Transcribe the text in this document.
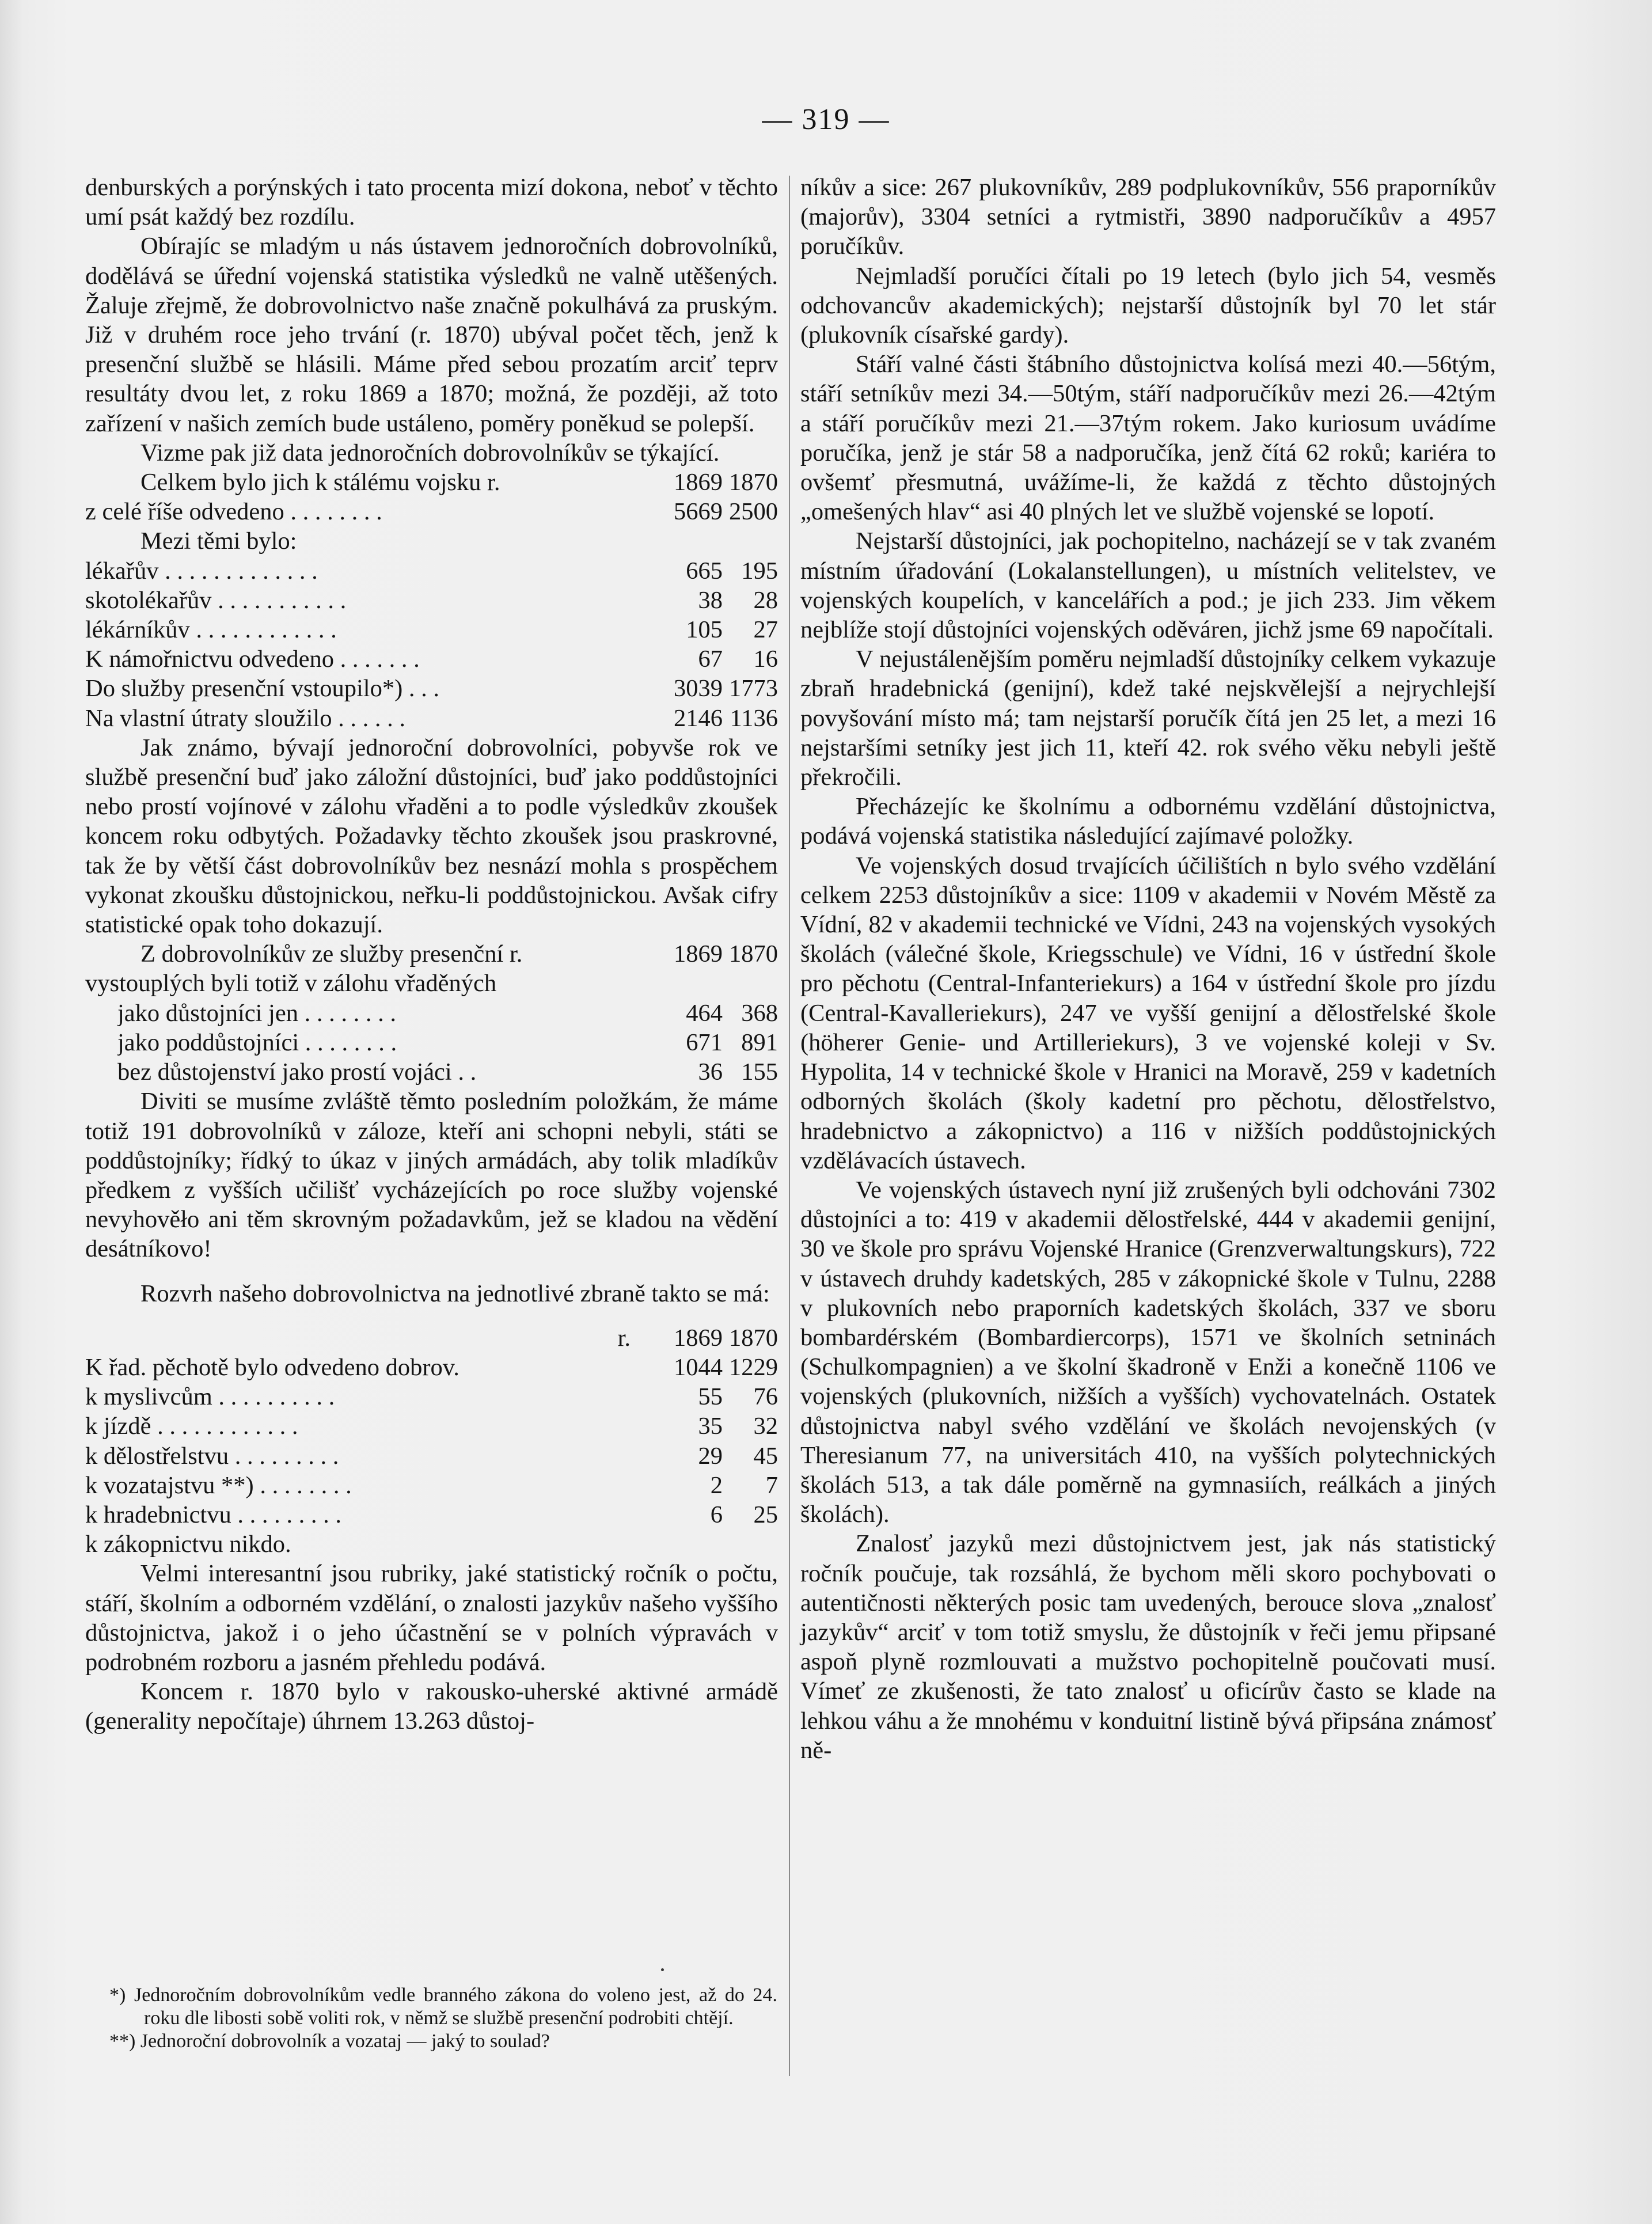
— 319 —

denburských a porýnských i tato procenta mizí dokona, neboť v těchto umí psát každý bez rozdílu.

Obírajíc se mladým u nás ústavem jednoročních dobrovolníků, dodělává se úřední vojenská statistika výsledků ne valně utěšených. Žaluje zřejmě, že dobrovolnictvo naše značně pokulhává za pruským. Již v druhém roce jeho trvání (r. 1870) ubýval počet těch, jenž k presenční službě se hlásili. Máme před sebou prozatím arciť teprv resultáty dvou let, z roku 1869 a 1870; možná, že později, až toto zařízení v našich zemích bude ustáleno, poměry poněkud se polepší.

Vizme pak již data jednoročních dobrovolníkův se týkající.

Celkem bylo jich k stálému vojsku r.	1869 1870
z celé říše odvedeno . . . . . . . .	5669 2500

Mezi těmi bylo:

lékařův . . . . . . . . . . . . .	665 195
skotolékařův . . . . . . . . . . .	38	28
lékárníkův . . . . . . . . . . . .	105	27
K námořnictvu odvedeno . . . . . . .	67	16
Do služby presenční vstoupilo*) . . .	3039 1773
Na vlastní útraty sloužilo . . . . . .	2146 1136

Jak známo, bývají jednoroční dobrovolníci, pobyvše rok ve službě presenční buď jako záložní důstojníci, buď jako poddůstojníci nebo prostí vojínové v zálohu vřaděni a to podle výsledkův zkoušek koncem roku odbytých. Požadavky těchto zkoušek jsou praskrovné, tak že by větší část dobrovolníkův bez nesnází mohla s prospěchem vykonat zkoušku důstojnickou, neřku-li poddůstojnickou. Avšak cifry statistické opak toho dokazují.

Z dobrovolníkův ze služby presenční r.	1869 1870

vystouplých byli totiž v zálohu vřaděných

jako důstojníci jen . . . . . . . .	464 368
jako poddůstojníci . . . . . . . .	671 891
bez důstojenství jako prostí vojáci . .	36 155

Diviti se musíme zvláště těmto posledním položkám, že máme totiž 191 dobrovolníků v záloze, kteří ani schopni nebyli, státi se poddůstojníky; řídký to úkaz v jiných armádách, aby tolik mladíkův předkem z vyšších učilišť vycházejících po roce služby vojenské nevyhověło ani těm skrovným požadavkům, jež se kladou na vědění desátníkovo!

Rozvrh našeho dobrovolnictva na jednotlivé zbraně takto se má:

r.	1869 1870
K řad. pěchotě bylo odvedeno dobrov.	1044 1229
k myslivcům . . . . . . . . . .	55	76
k jízdě . . . . . . . . . . . .	35	32
k dělostřelstvu . . . . . . . . .	29	45
k vozatajstvu **) . . . . . . . .	2	7
k hradebnictvu . . . . . . . . .	6	25
k zákopnictvu nikdo.

Velmi interesantní jsou rubriky, jaké statistický ročník o počtu, stáří, školním a odborném vzdělání, o znalosti jazykův našeho vyššího důstojnictva, jakož i o jeho účastnění se v polních výpravách v podrobném rozboru a jasném přehledu podává.

Koncem r. 1870 bylo v rakousko-uherské aktivné armádě (generality nepočítaje) úhrnem 13.263 důstoj-

*) Jednoročním dobrovolníkům vedle branného zákona do voleno jest, až do 24. roku dle libosti sobě voliti rok, v němž se službě presenční podrobiti chtějí.

**) Jednoroční dobrovolník a vozataj — jaký to soulad?

níkův a sice: 267 plukovníkův, 289 podplukovníkův, 556 praporníkův (majorův), 3304 setníci a rytmistři, 3890 nadporučíkův a 4957 poručíkův.

Nejmladší poručíci čítali po 19 letech (bylo jich 54, vesměs odchovancův akademických); nejstarší důstojník byl 70 let stár (plukovník císařské gardy).

Stáří valné části štábního důstojnictva kolísá mezi 40.—56tým, stáří setníkův mezi 34.—50tým, stáří nadporučíkův mezi 26.—42tým a stáří poručíkův mezi 21.—37tým rokem. Jako kuriosum uvádíme poručíka, jenž je stár 58 a nadporučíka, jenž čítá 62 roků; kariéra to ovšemť přesmutná, uvážíme-li, že každá z těchto důstojných „omešených hlav“ asi 40 plných let ve službě vojenské se lopotí.

Nejstarší důstojníci, jak pochopitelno, nacházejí se v tak zvaném místním úřadování (Lokalanstellungen), u místních velitelstev, ve vojenských koupelích, v kancelářích a pod.; je jich 233. Jim věkem nejblíže stojí důstojníci vojenských oděváren, jichž jsme 69 napočítali.

V nejustálenějším poměru nejmladší důstojníky celkem vykazuje zbraň hradebnická (genijní), kdež také nejskvělejší a nejrychlejší povyšování místo má; tam nejstarší poručík čítá jen 25 let, a mezi 16 nejstaršími setníky jest jich 11, kteří 42. rok svého věku nebyli ještě překročili.

Přecházejíc ke školnímu a odbornému vzdělání důstojnictva, podává vojenská statistika následující zajímavé položky.

Ve vojenských dosud trvajících účilištích n bylo svého vzdělání celkem 2253 důstojníkův a sice: 1109 v akademii v Novém Městě za Vídní, 82 v akademii technické ve Vídni, 243 na vojenských vysokých školách (válečné škole, Kriegsschule) ve Vídni, 16 v ústřední škole pro pěchotu (Central-Infanteriekurs) a 164 v ústřední škole pro jízdu (Central-Kavalleriekurs), 247 ve vyšší genijní a dělostřelské škole (höherer Genie- und Artilleriekurs), 3 ve vojenské koleji v Sv. Hypolita, 14 v technické škole v Hranici na Moravě, 259 v kadetních odborných školách (školy kadetní pro pěchotu, dělostřelstvo, hradebnictvo a zákopnictvo) a 116 v nižších poddůstojnických vzdělávacích ústavech.

Ve vojenských ústavech nyní již zrušených byli odchováni 7302 důstojníci a to: 419 v akademii dělostřelské, 444 v akademii genijní, 30 ve škole pro správu Vojenské Hranice (Grenzverwaltungskurs), 722 v ústavech druhdy kadetských, 285 v zákopnické škole v Tulnu, 2288 v plukovních nebo praporních kadetských školách, 337 ve sboru bombardérském (Bombardiercorps), 1571 ve školních setninách (Schulkompagnien) a ve školní škadroně v Enži a konečně 1106 ve vojenských (plukovních, nižších a vyšších) vychovatelnách. Ostatek důstojnictva nabyl svého vzdělání ve školách nevojenských (v Theresianum 77, na universitách 410, na vyšších polytechnických školách 513, a tak dále poměrně na gymnasiích, reálkách a jiných školách).

Znalosť jazyků mezi důstojnictvem jest, jak nás statistický ročník poučuje, tak rozsáhlá, že bychom měli skoro pochybovati o autentičnosti některých posic tam uvedených, berouce slova „znalosť jazykův“ arciť v tom totiž smyslu, že důstojník v řeči jemu připsané aspoň plyně rozmlouvati a mužstvo pochopitelně poučovati musí. Vímeť ze zkušenosti, že tato znalosť u oficírův často se klade na lehkou váhu a že mnohému v konduitní listině bývá připsána známosť ně-
